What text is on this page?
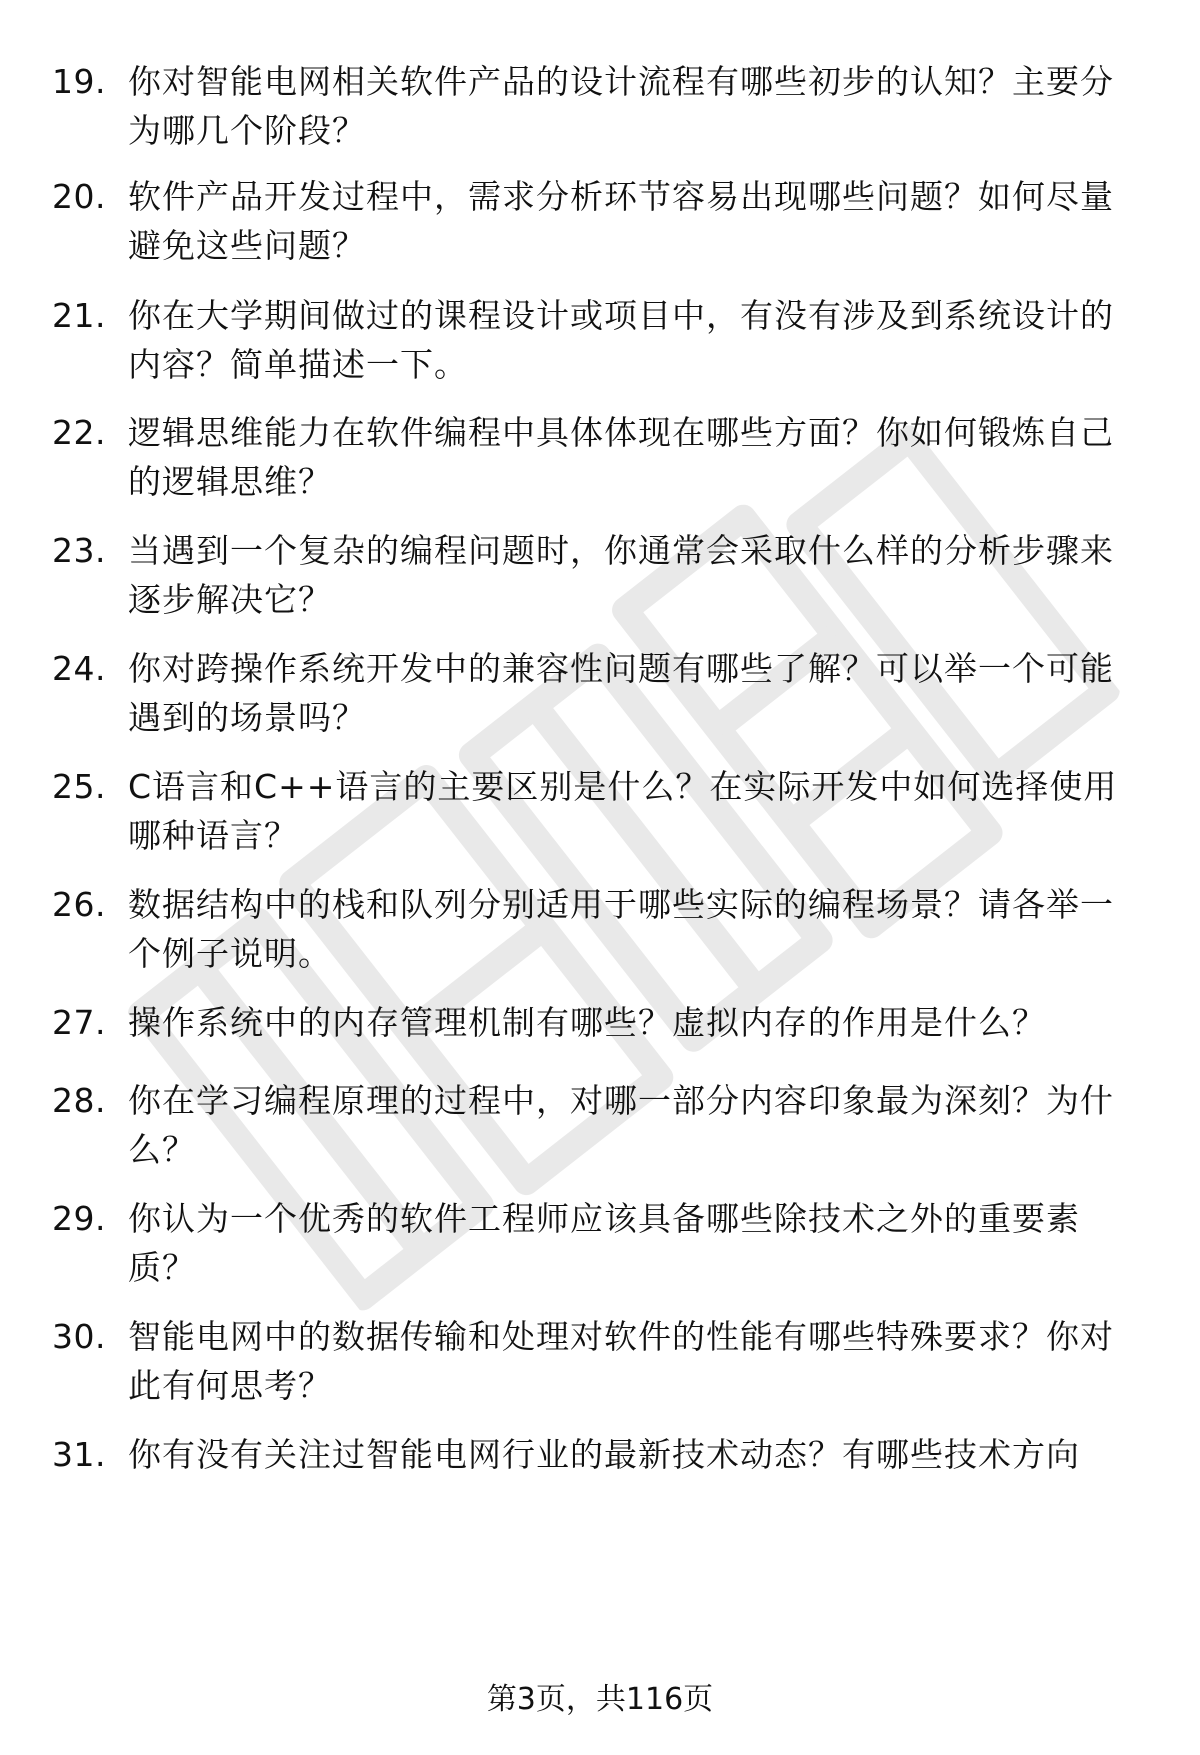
19. 你对智能电网相关软件产品的设计流程有哪些初步的认知？主要分为哪几个阶段？
20. 软件产品开发过程中，需求分析环节容易出现哪些问题？如何尽量避免这些问题？
21. 你在大学期间做过的课程设计或项目中，有没有涉及到系统设计的内容？简单描述一下。
22. 逻辑思维能力在软件编程中具体体现在哪些方面？你如何锻炼自己的逻辑思维？
23. 当遇到一个复杂的编程问题时，你通常会采取什么样的分析步骤来逐步解决它？
24. 你对跨操作系统开发中的兼容性问题有哪些了解？可以举一个可能遇到的场景吗？
25. C语言和C++语言的主要区别是什么？在实际开发中如何选择使用哪种语言？
26. 数据结构中的栈和队列分别适用于哪些实际的编程场景？请各举一个例子说明。
27. 操作系统中的内存管理机制有哪些？虚拟内存的作用是什么？
28. 你在学习编程原理的过程中，对哪一部分内容印象最为深刻？为什么？
29. 你认为一个优秀的软件工程师应该具备哪些除技术之外的重要素质？
30. 智能电网中的数据传输和处理对软件的性能有哪些特殊要求？你对此有何思考？
31. 你有没有关注过智能电网行业的最新技术动态？有哪些技术方向
第3页，共116页
